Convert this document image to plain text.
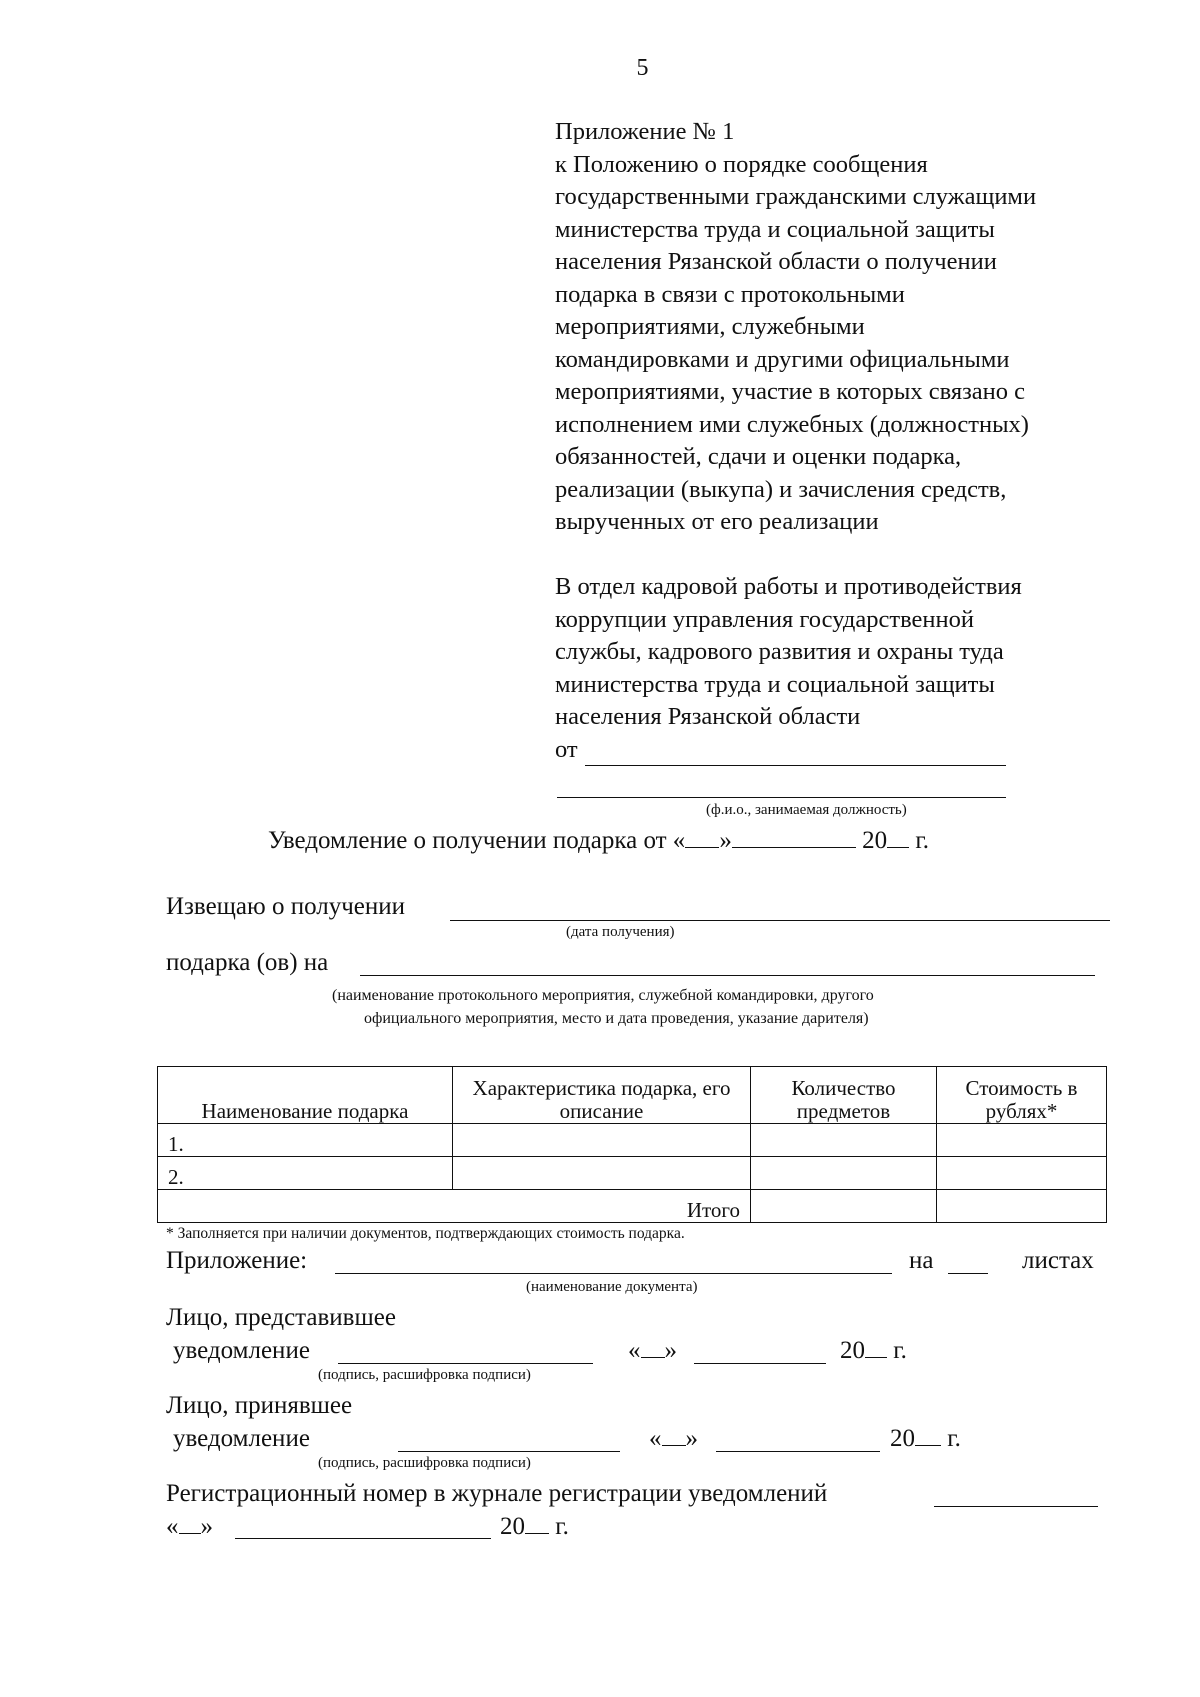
5
Приложение № 1
к Положению о порядке сообщения
государственными гражданскими служащими
министерства труда и социальной защиты
населения Рязанской области о получении
подарка в связи с протокольными
мероприятиями, служебными
командировками и другими официальными
мероприятиями, участие в которых связано с
исполнением ими служебных (должностных)
обязанностей, сдачи и оценки подарка,
реализации (выкупа) и зачисления средств,
вырученных от его реализации
В отдел кадровой работы и противодействия
коррупции управления государственной
службы, кадрового развития и охраны туда
министерства труда и социальной защиты
населения Рязанской области
от
(ф.и.о., занимаемая должность)
Уведомление о получении подарка от « »	20 г.
Извещаю о получении
(дата получения)
подарка (ов) на
(наименование протокольного мероприятия, служебной командировки, другого
официального мероприятия, место и дата проведения, указание дарителя)
Наименование подарка	Характеристика подарка, его описание	Количество предметов	Стоимость в рублях*
1.			
2.			
Итого			
* Заполняется при наличии документов, подтверждающих стоимость подарка.
Приложение:	на	листах
(наименование документа)
Лицо, представившее
уведомление	« »	20 г.
(подпись, расшифровка подписи)
Лицо, принявшее
уведомление	« »	20 г.
(подпись, расшифровка подписи)
Регистрационный номер в журнале регистрации уведомлений
« »	20 г.
